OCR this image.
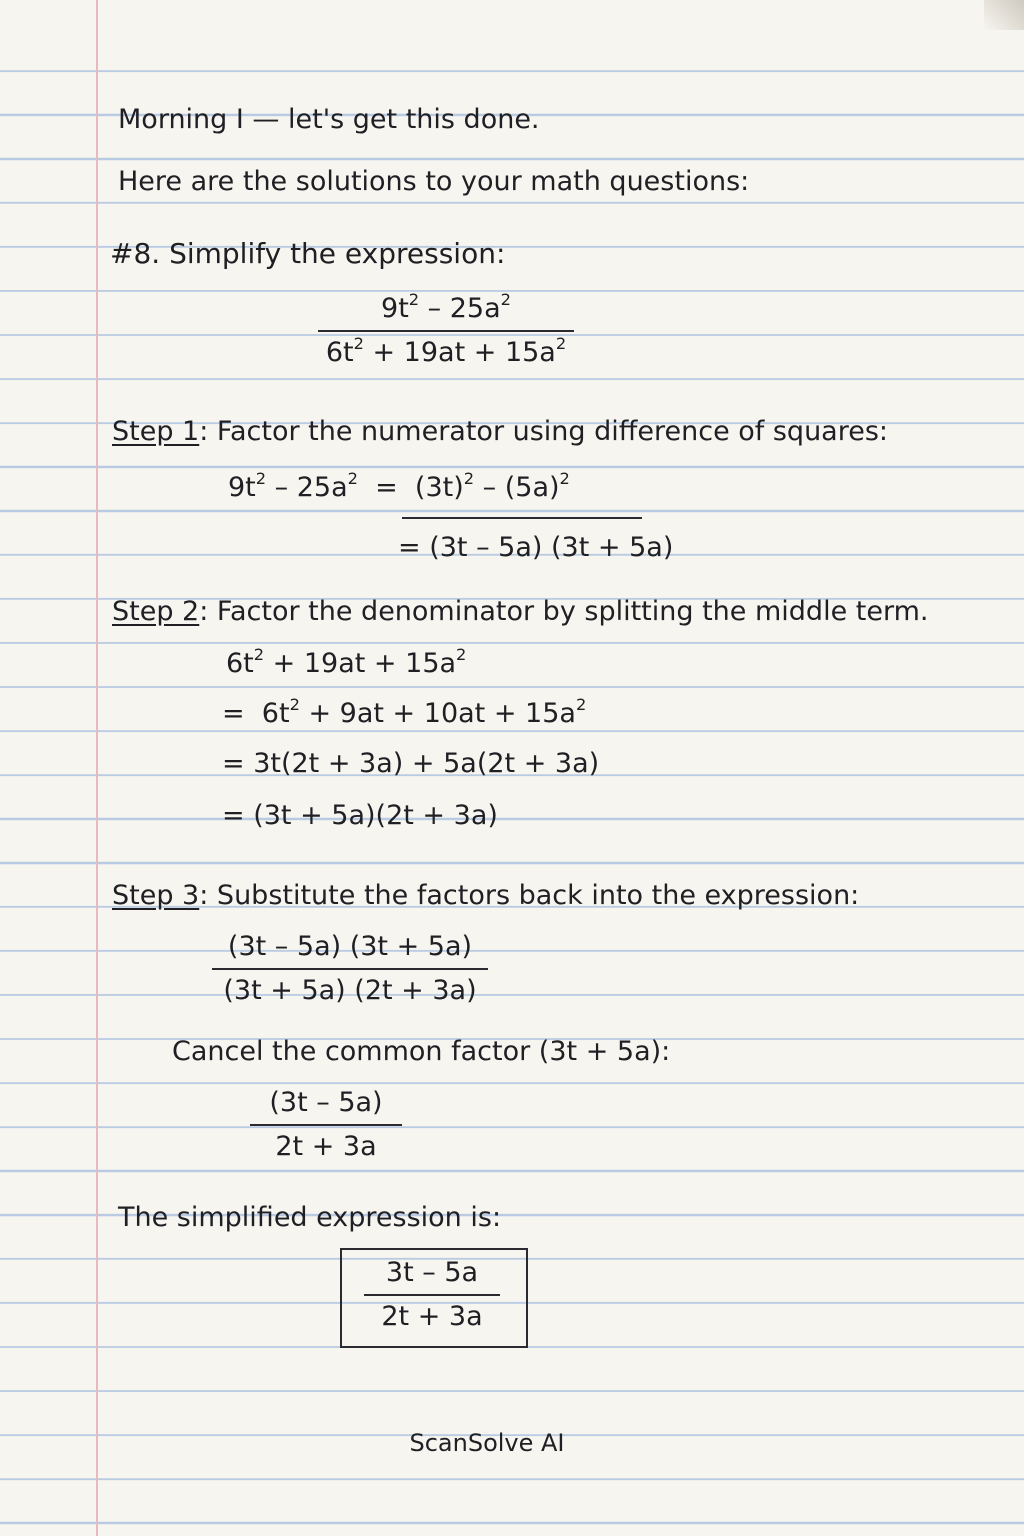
Morning I — let's get this done.
Here are the solutions to your math questions:
#8. Simplify the expression:
$9t^2 - 25a^2$
$6t^2 + 19at + 15a^2$
Step 1: Factor the numerator using difference of squares:
$9t^2 - 25a^2 = (3t)^2 - (5a)^2$
= (3t – 5a) (3t + 5a)
Step 2: Factor the denominator by splitting the middle term.
$6t^2 + 19at + 15a^2$
=  $6t^2 + 9at + 10at + 15a^2$
= 3t(2t + 3a) + 5a(2t + 3a)
= (3t + 5a)(2t + 3a)
Step 3: Substitute the factors back into the expression:
(3t – 5a) (3t + 5a)
(3t + 5a) (2t + 3a)
Cancel the common factor (3t + 5a):
(3t – 5a)
2t + 3a
The simplified expression is:
3t – 5a
2t + 3a
ScanSolve AI
